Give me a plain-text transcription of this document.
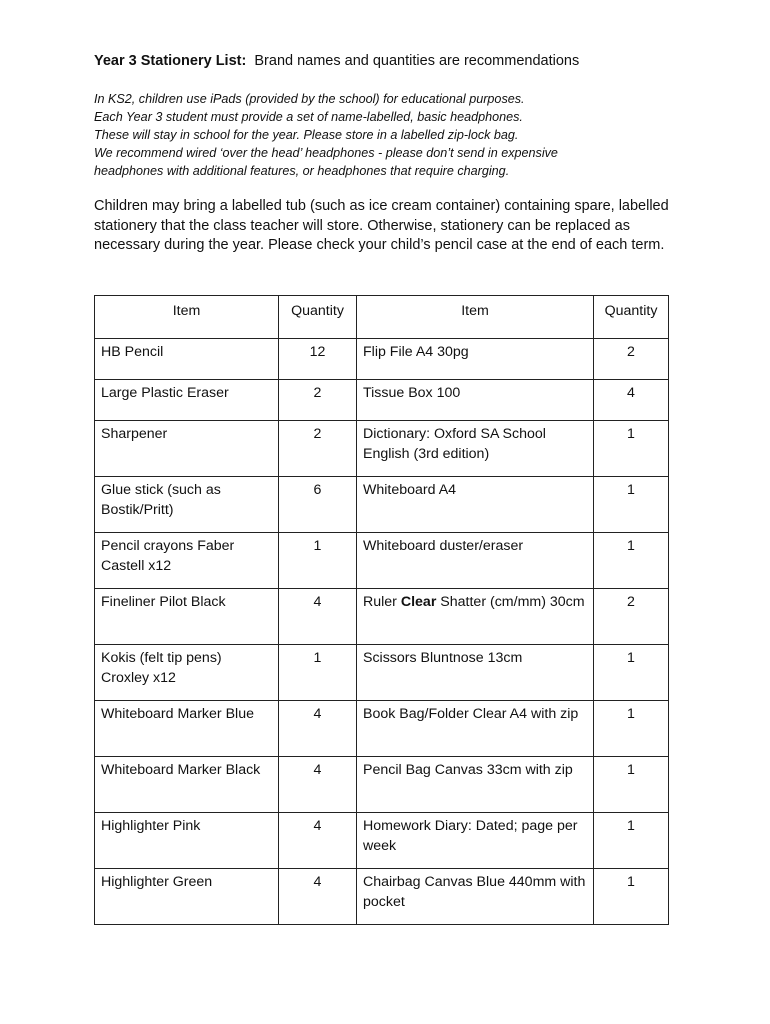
Year 3 Stationery List: Brand names and quantities are recommendations
In KS2, children use iPads (provided by the school) for educational purposes.
Each Year 3 student must provide a set of name-labelled, basic headphones.
These will stay in school for the year. Please store in a labelled zip-lock bag.
We recommend wired ‘over the head’ headphones - please don’t send in expensive
headphones with additional features, or headphones that require charging.
Children may bring a labelled tub (such as ice cream container) containing spare, labelled stationery that the class teacher will store. Otherwise, stationery can be replaced as necessary during the year. Please check your child’s pencil case at the end of each term.
Item	Quantity	Item	Quantity
HB Pencil	12	Flip File A4 30pg	2
Large Plastic Eraser	2	Tissue Box 100	4
Sharpener	2	Dictionary: Oxford SA School English (3rd edition)	1
Glue stick (such as Bostik/Pritt)	6	Whiteboard A4	1
Pencil crayons Faber Castell x12	1	Whiteboard duster/eraser	1
Fineliner Pilot Black	4	Ruler Clear Shatter (cm/mm) 30cm	2
Kokis (felt tip pens) Croxley x12	1	Scissors Bluntnose 13cm	1
Whiteboard Marker Blue	4	Book Bag/Folder Clear A4 with zip	1
Whiteboard Marker Black	4	Pencil Bag Canvas 33cm with zip	1
Highlighter Pink	4	Homework Diary: Dated; page per week	1
Highlighter Green	4	Chairbag Canvas Blue 440mm with pocket	1
